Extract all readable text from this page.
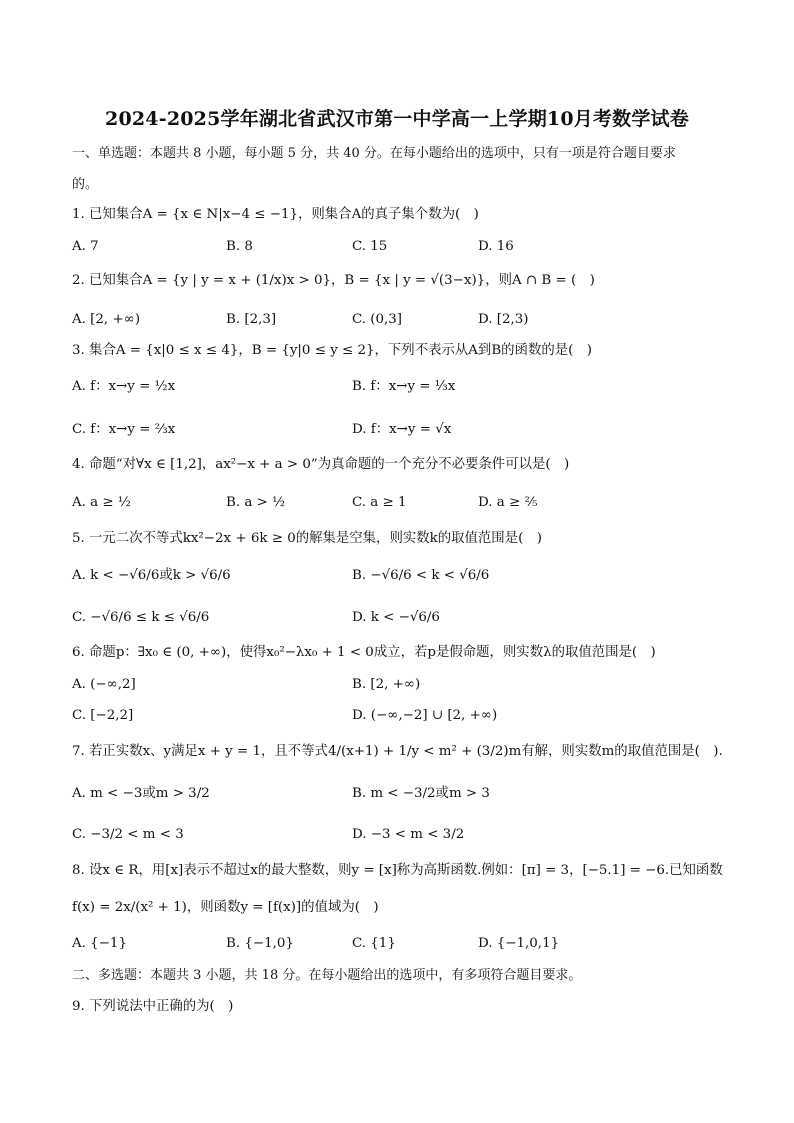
2024-2025学年湖北省武汉市第一中学高一上学期10月考数学试卷
一、单选题：本题共 8 小题，每小题 5 分，共 40 分。在每小题给出的选项中，只有一项是符合题目要求
的。
1. 已知集合A = {x ∈ N|x−4 ≤ −1}，则集合A的真子集个数为(　)
A. 7	B. 8	C. 15	D. 16
2. 已知集合A = {y | y = x + (1/x)x > 0}，B = {x | y = √(3−x)}，则A ∩ B = (　)
A. [2, +∞)	B. [2,3]	C. (0,3]	D. [2,3)
3. 集合A = {x|0 ≤ x ≤ 4}，B = {y|0 ≤ y ≤ 2}，下列不表示从A到B的函数的是(　)
A. f：x→y = ½x	B. f：x→y = ⅓x
C. f：x→y = ⅔x	D. f：x→y = √x
4. 命题“对∀x ∈ [1,2]，ax²−x + a > 0”为真命题的一个充分不必要条件可以是(　)
A. a ≥ ½	B. a > ½	C. a ≥ 1	D. a ≥ ⅖
5. 一元二次不等式kx²−2x + 6k ≥ 0的解集是空集，则实数k的取值范围是(　)
A. k < −√6/6或k > √6/6	B. −√6/6 < k < √6/6
C. −√6/6 ≤ k ≤ √6/6	D. k < −√6/6
6. 命题p：∃x₀ ∈ (0, +∞)，使得x₀²−λx₀ + 1 < 0成立，若p是假命题，则实数λ的取值范围是(　)
A. (−∞,2]	B. [2, +∞)
C. [−2,2]	D. (−∞,−2] ∪ [2, +∞)
7. 若正实数x、y满足x + y = 1，且不等式4/(x+1) + 1/y < m² + (3/2)m有解，则实数m的取值范围是(　).
A. m < −3或m > 3/2	B. m < −3/2或m > 3
C. −3/2 < m < 3	D. −3 < m < 3/2
8. 设x ∈ R，用[x]表示不超过x的最大整数，则y = [x]称为高斯函数.例如：[π] = 3，[−5.1] = −6.已知函数
f(x) = 2x/(x² + 1)，则函数y = [f(x)]的值域为(　)
A. {−1}	B. {−1,0}	C. {1}	D. {−1,0,1}
二、多选题：本题共 3 小题，共 18 分。在每小题给出的选项中，有多项符合题目要求。
9. 下列说法中正确的为(　)
